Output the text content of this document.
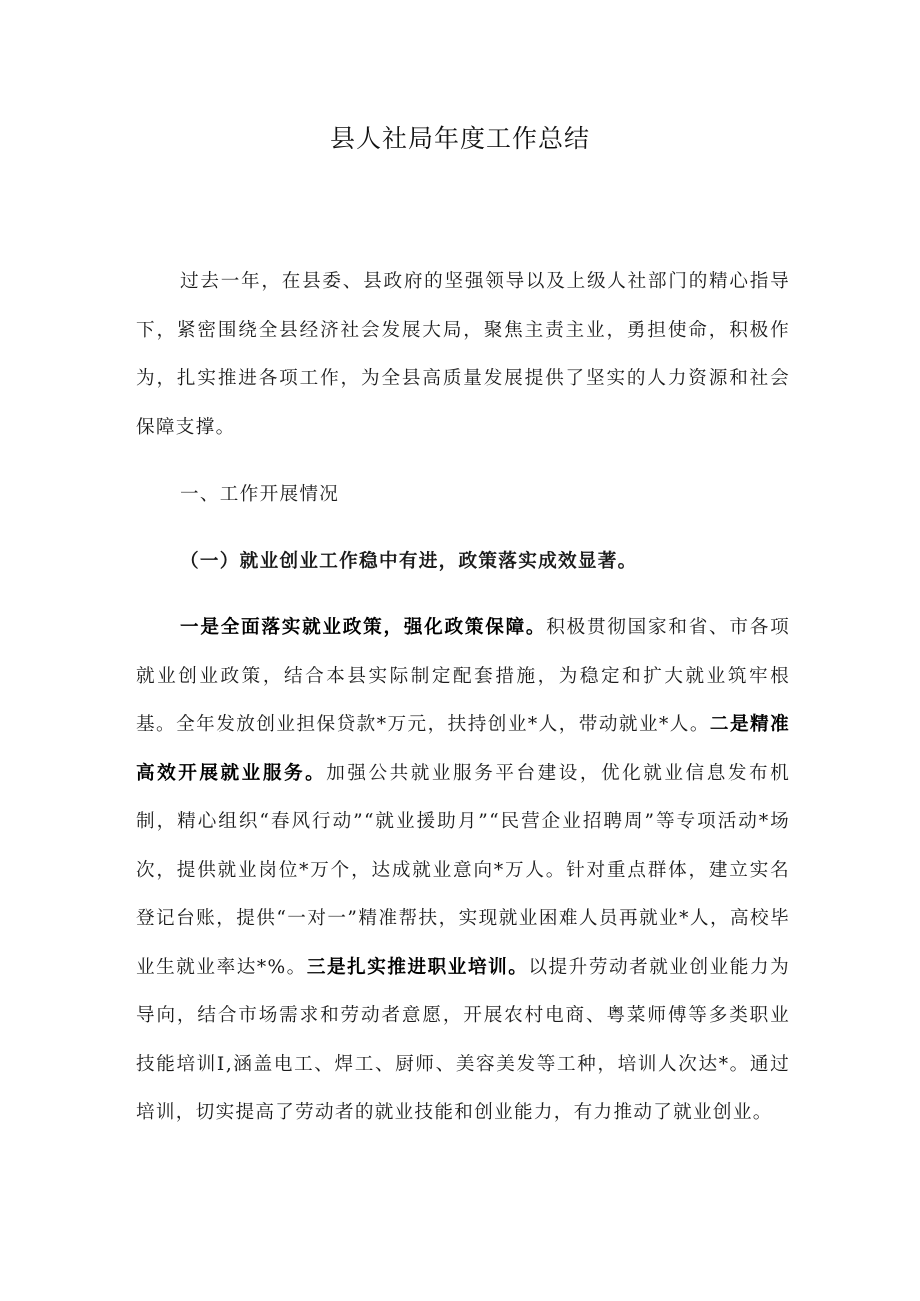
县人社局年度工作总结

过去一年，在县委、县政府的坚强领导以及上级人社部门的精心指导下，紧密围绕全县经济社会发展大局，聚焦主责主业，勇担使命，积极作为，扎实推进各项工作，为全县高质量发展提供了坚实的人力资源和社会保障支撑。

一、工作开展情况
（一）就业创业工作稳中有进，政策落实成效显著。

一是全面落实就业政策，强化政策保障。积极贯彻国家和省、市各项就业创业政策，结合本县实际制定配套措施，为稳定和扩大就业筑牢根基。全年发放创业担保贷款*万元，扶持创业*人，带动就业*人。二是精准高效开展就业服务。加强公共就业服务平台建设，优化就业信息发布机制，精心组织“春风行动”“就业援助月”“民营企业招聘周”等专项活动*场次，提供就业岗位*万个，达成就业意向*万人。针对重点群体，建立实名登记台账，提供“一对一”精准帮扶，实现就业困难人员再就业*人，高校毕业生就业率达*%。三是扎实推进职业培训。以提升劳动者就业创业能力为导向，结合市场需求和劳动者意愿，开展农村电商、粤菜师傅等多类职业技能培训Ⅰ,涵盖电工、焊工、厨师、美容美发等工种，培训人次达*。通过培训，切实提高了劳动者的就业技能和创业能力，有力推动了就业创业。
